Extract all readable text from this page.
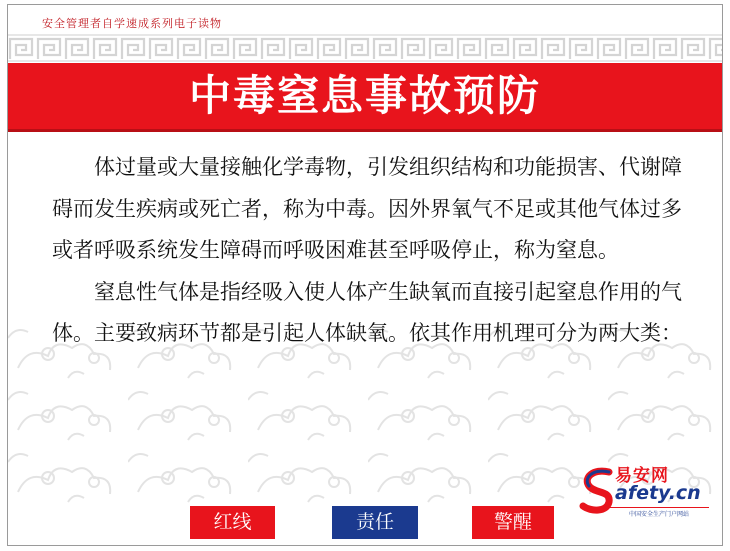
安全管理者自学速成系列电子读物
中毒窒息事故预防

体过量或大量接触化学毒物，引发组织结构和功能损害、代谢障碍而发生疾病或死亡者，称为中毒。因外界氧气不足或其他气体过多或者呼吸系统发生障碍而呼吸困难甚至呼吸停止，称为窒息。

窒息性气体是指经吸入使人体产生缺氧而直接引起窒息作用的气体。主要致病环节都是引起人体缺氧。依其作用机理可分为两大类：

红线	责任	警醒
易安网
afety.cn
中国安全生产门户网站
